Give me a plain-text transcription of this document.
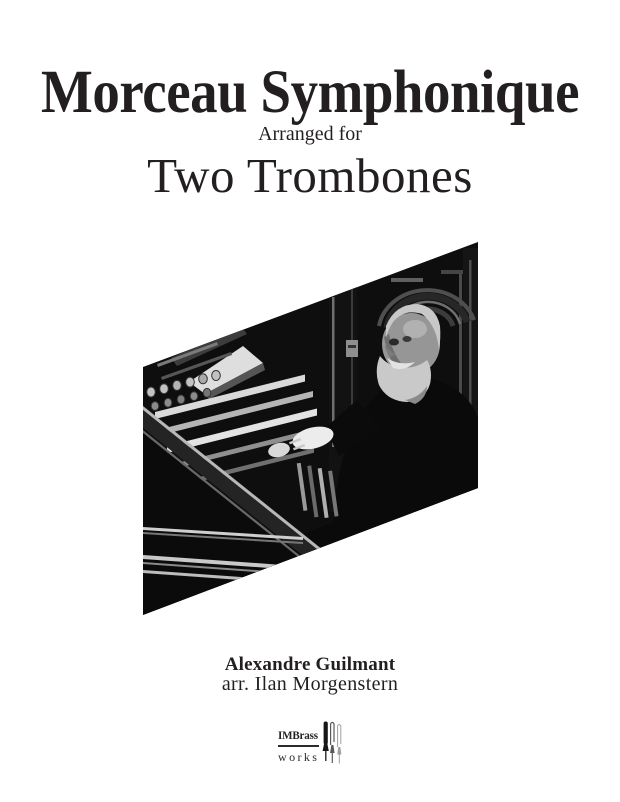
Morceau Symphonique
Arranged for
Two Trombones
Alexandre Guilmant
arr. Ilan Morgenstern
IMBrass
works
